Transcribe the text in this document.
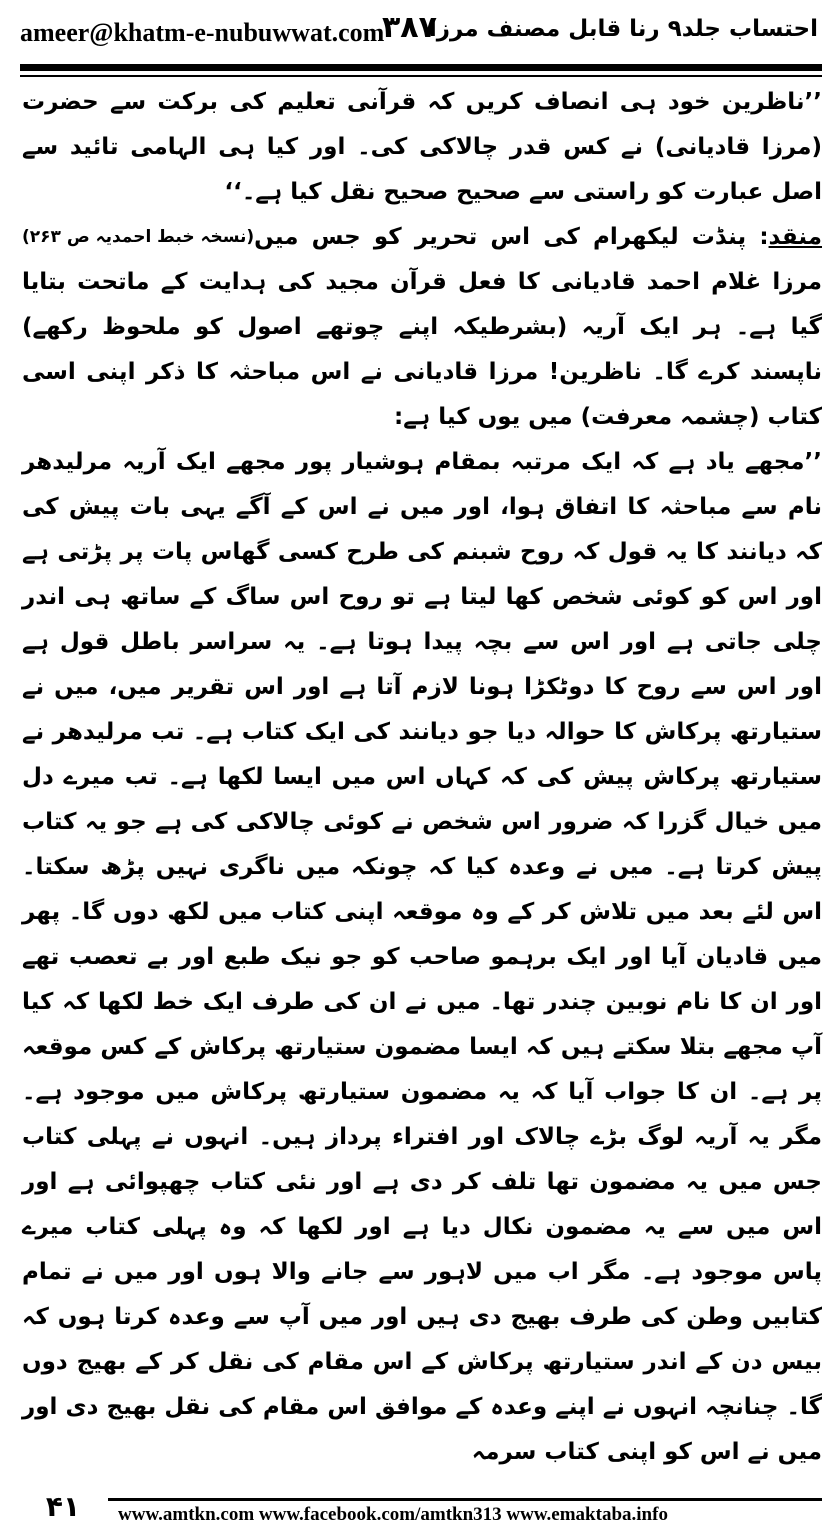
ameer@khatm-e-nubuwwat.com
۳۸۷
احتساب جلد۹ رنا قابل مصنف مرزا

’’ناظرین خود ہی انصاف کریں کہ قرآنی تعلیم کی برکت سے حضرت (مرزا قادیانی) نے کس قدر چالاکی کی۔ اور کیا ہی الہامی تائید سے اصل عبارت کو راستی سے صحیح صحیح نقل کیا ہے۔‘‘
(نسخہ خبط احمدیہ ص ۲۶۳)	منقد: پنڈت لیکھرام کی اس تحریر کو جس میں مرزا غلام احمد قادیانی کا فعل قرآن مجید کی ہدایت کے ماتحت بتایا گیا ہے۔ ہر ایک آریہ (بشرطیکہ اپنے چوتھے اصول کو ملحوظ رکھے) ناپسند کرے گا۔ ناظرین! مرزا قادیانی نے اس مباحثہ کا ذکر اپنی اسی کتاب (چشمہ معرفت) میں یوں کیا ہے:

’’مجھے یاد ہے کہ ایک مرتبہ بمقام ہوشیار پور مجھے ایک آریہ مرلیدھر نام سے مباحثہ کا اتفاق ہوا، اور میں نے اس کے آگے یہی بات پیش کی کہ دیانند کا یہ قول کہ روح شبنم کی طرح کسی گھاس پات پر پڑتی ہے اور اس کو کوئی شخص کھا لیتا ہے تو روح اس ساگ کے ساتھ ہی اندر چلی جاتی ہے اور اس سے بچہ پیدا ہوتا ہے۔ یہ سراسر باطل قول ہے اور اس سے روح کا دوٹکڑا ہونا لازم آتا ہے اور اس تقریر میں، میں نے ستیارتھ پرکاش کا حوالہ دیا جو دیانند کی ایک کتاب ہے۔ تب مرلیدھر نے ستیارتھ پرکاش پیش کی کہ کہاں اس میں ایسا لکھا ہے۔ تب میرے دل میں خیال گزرا کہ ضرور اس شخص نے کوئی چالاکی کی ہے جو یہ کتاب پیش کرتا ہے۔ میں نے وعدہ کیا کہ چونکہ میں ناگری نہیں پڑھ سکتا۔ اس لئے بعد میں تلاش کر کے وہ موقعہ اپنی کتاب میں لکھ دوں گا۔ پھر میں قادیان آیا اور ایک برہمو صاحب کو جو نیک طبع اور بے تعصب تھے اور ان کا نام نوبین چندر تھا۔ میں نے ان کی طرف ایک خط لکھا کہ کیا آپ مجھے بتلا سکتے ہیں کہ ایسا مضمون ستیارتھ پرکاش کے کس موقعہ پر ہے۔ ان کا جواب آیا کہ یہ مضمون ستیارتھ پرکاش میں موجود ہے۔ مگر یہ آریہ لوگ بڑے چالاک اور افتراء پرداز ہیں۔ انہوں نے پہلی کتاب جس میں یہ مضمون تھا تلف کر دی ہے اور نئی کتاب چھپوائی ہے اور اس میں سے یہ مضمون نکال دیا ہے اور لکھا کہ وہ پہلی کتاب میرے پاس موجود ہے۔ مگر اب میں لاہور سے جانے والا ہوں اور میں نے تمام کتابیں وطن کی طرف بھیج دی ہیں اور میں آپ سے وعدہ کرتا ہوں کہ بیس دن کے اندر ستیارتھ پرکاش کے اس مقام کی نقل کر کے بھیج دوں گا۔ چنانچہ انہوں نے اپنے وعدہ کے موافق اس مقام کی نقل بھیج دی اور میں نے اس کو اپنی کتاب سرمہ

۴۱	www.amtkn.com www.facebook.com/amtkn313 www.emaktaba.info
